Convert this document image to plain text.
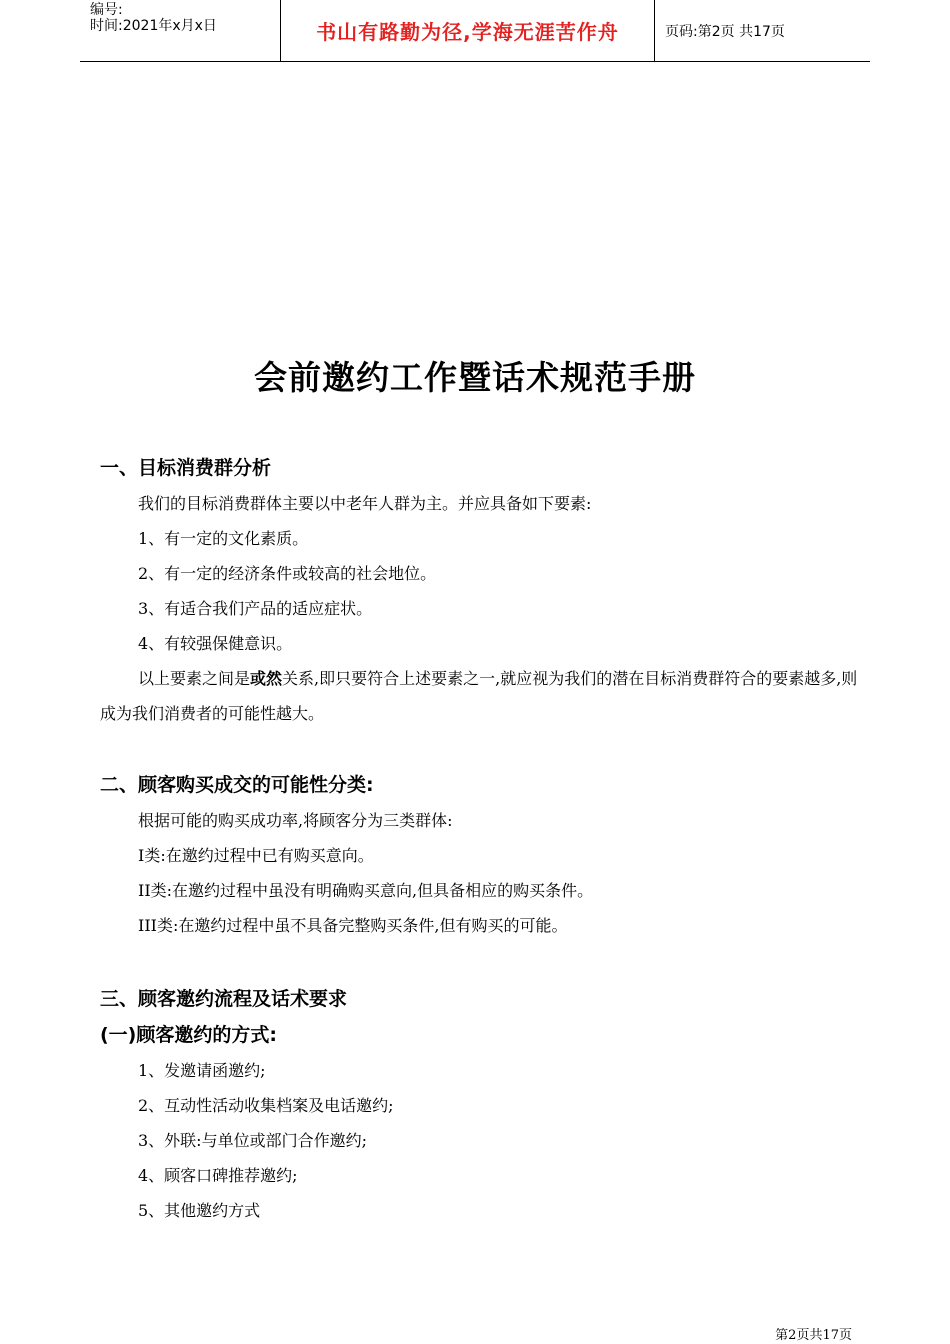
编号:
时间:2021年x月x日	书山有路勤为径,学海无涯苦作舟	页码:第2页 共17页
会前邀约工作暨话术规范手册
一、目标消费群分析

我们的目标消费群体主要以中老年人群为主。并应具备如下要素:

1、有一定的文化素质。

2、有一定的经济条件或较高的社会地位。

3、有适合我们产品的适应症状。

4、有较强保健意识。

以上要素之间是或然关系,即只要符合上述要素之一,就应视为我们的潜在目标消费群符合的要素越多,则成为我们消费者的可能性越大。

二、顾客购买成交的可能性分类:

根据可能的购买成功率,将顾客分为三类群体:

I类:在邀约过程中已有购买意向。

II类:在邀约过程中虽没有明确购买意向,但具备相应的购买条件。

III类:在邀约过程中虽不具备完整购买条件,但有购买的可能。

三、顾客邀约流程及话术要求
(一)顾客邀约的方式:

1、发邀请函邀约;

2、互动性活动收集档案及电话邀约;

3、外联:与单位或部门合作邀约;

4、顾客口碑推荐邀约;

5、其他邀约方式

第2页共17页
